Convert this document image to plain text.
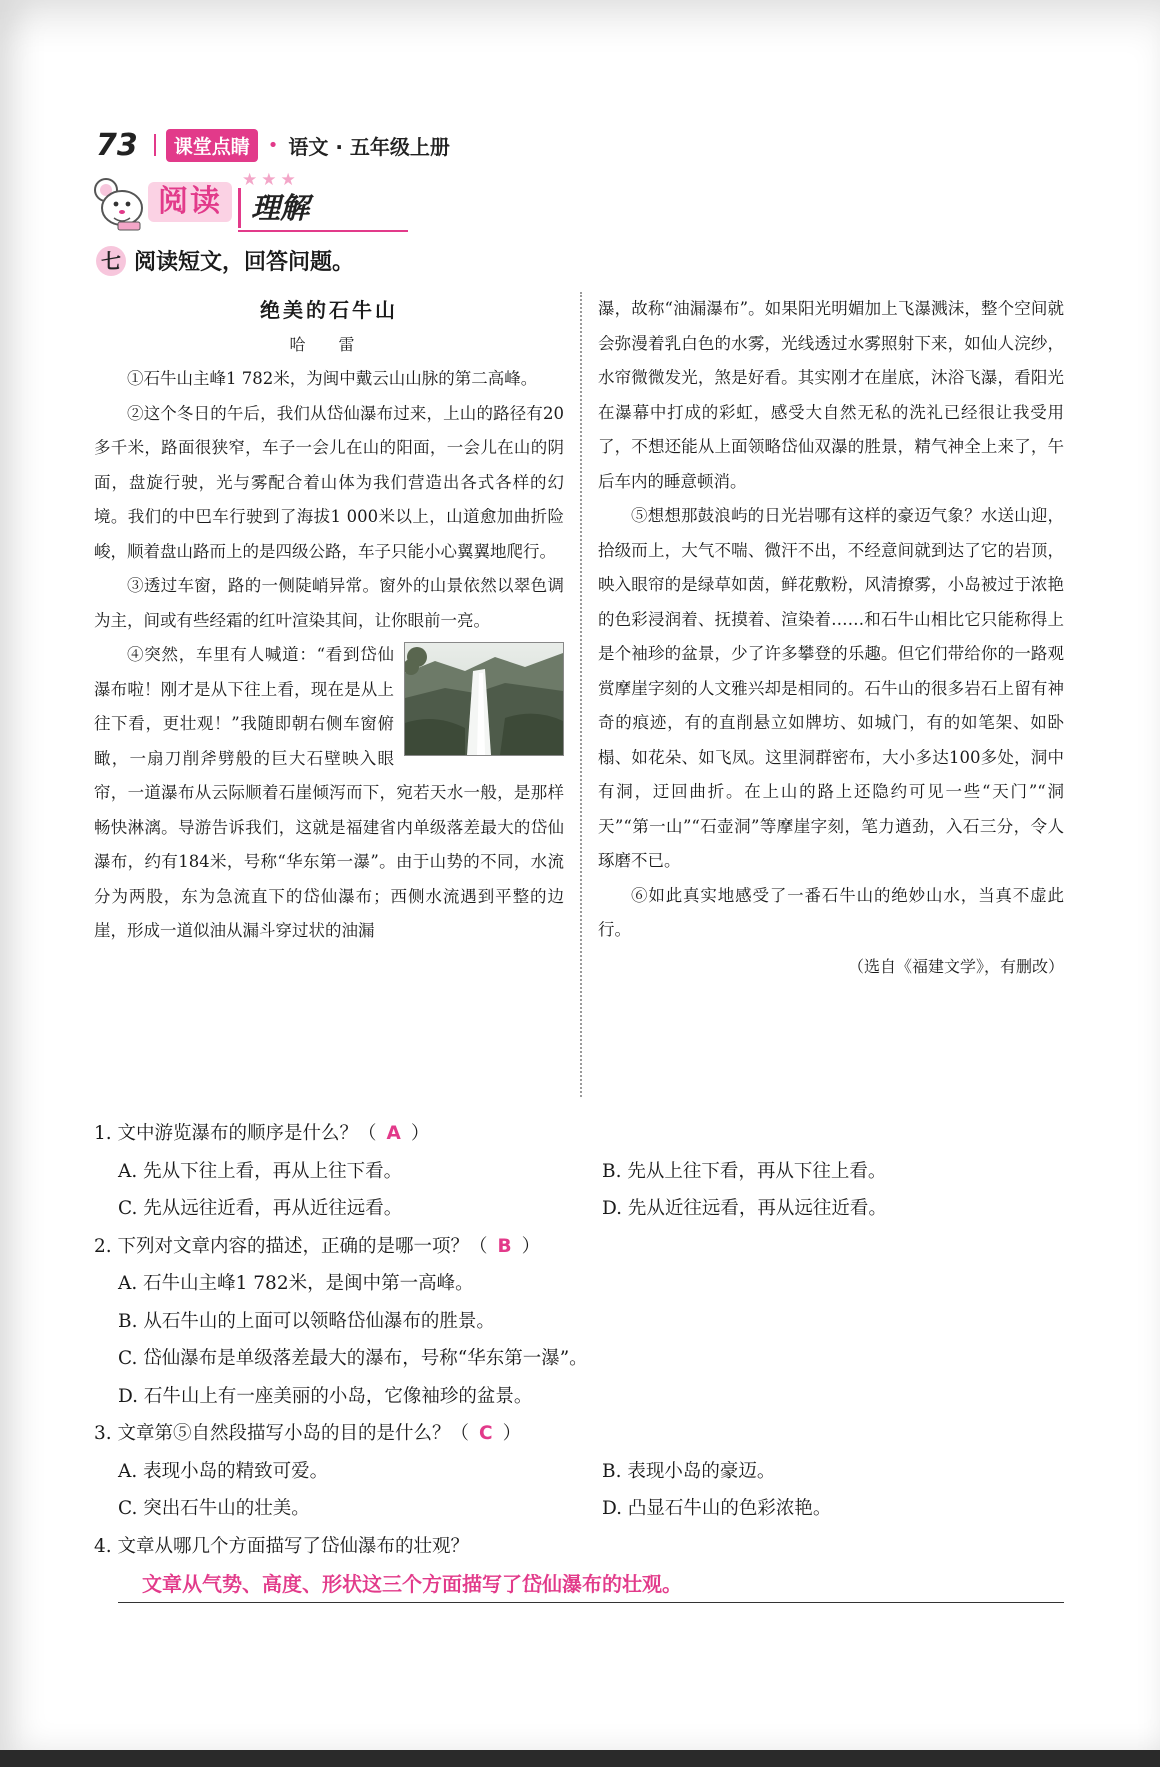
73	课堂点睛	• 语文 · 五年级上册
★★★
阅读	理解
七 阅读短文，回答问题。
绝美的石牛山
哈 雷

①石牛山主峰1 782米，为闽中戴云山山脉的第二高峰。

②这个冬日的午后，我们从岱仙瀑布过来，上山的路径有20多千米，路面很狭窄，车子一会儿在山的阳面，一会儿在山的阴面，盘旋行驶，光与雾配合着山体为我们营造出各式各样的幻境。我们的中巴车行驶到了海拔1 000米以上，山道愈加曲折险峻，顺着盘山路而上的是四级公路，车子只能小心翼翼地爬行。

③透过车窗，路的一侧陡峭异常。窗外的山景依然以翠色调为主，间或有些经霜的红叶渲染其间，让你眼前一亮。

④突然，车里有人喊道：“看到岱仙瀑布啦！刚才是从下往上看，现在是从上往下看，更壮观！”我随即朝右侧车窗俯瞰，一扇刀削斧劈般的巨大石壁映入眼帘，一道瀑布从云际顺着石崖倾泻而下，宛若天水一般，是那样畅快淋漓。导游告诉我们，这就是福建省内单级落差最大的岱仙瀑布，约有184米，号称“华东第一瀑”。由于山势的不同，水流分为两股，东为急流直下的岱仙瀑布；西侧水流遇到平整的边崖，形成一道似油从漏斗穿过状的油漏

瀑，故称“油漏瀑布”。如果阳光明媚加上飞瀑溅沫，整个空间就会弥漫着乳白色的水雾，光线透过水雾照射下来，如仙人浣纱，水帘微微发光，煞是好看。其实刚才在崖底，沐浴飞瀑，看阳光在瀑幕中打成的彩虹，感受大自然无私的洗礼已经很让我受用了，不想还能从上面领略岱仙双瀑的胜景，精气神全上来了，午后车内的睡意顿消。

⑤想想那鼓浪屿的日光岩哪有这样的豪迈气象？水送山迎，拾级而上，大气不喘、微汗不出，不经意间就到达了它的岩顶，映入眼帘的是绿草如茵，鲜花敷粉，风清撩雾，小岛被过于浓艳的色彩浸润着、抚摸着、渲染着……和石牛山相比它只能称得上是个袖珍的盆景，少了许多攀登的乐趣。但它们带给你的一路观赏摩崖字刻的人文雅兴却是相同的。石牛山的很多岩石上留有神奇的痕迹，有的直削悬立如牌坊、如城门，有的如笔架、如卧榻、如花朵、如飞凤。这里洞群密布，大小多达100多处，洞中有洞，迂回曲折。在上山的路上还隐约可见一些“天门”“洞天”“第一山”“石壶洞”等摩崖字刻，笔力遒劲，入石三分，令人琢磨不已。

⑥如此真实地感受了一番石牛山的绝妙山水，当真不虚此行。

（选自《福建文学》，有删改）
1. 文中游览瀑布的顺序是什么？（ A ）
A. 先从下往上看，再从上往下看。	B. 先从上往下看，再从下往上看。
C. 先从远往近看，再从近往远看。	D. 先从近往远看，再从远往近看。
2. 下列对文章内容的描述，正确的是哪一项？（ B ）
A. 石牛山主峰1 782米，是闽中第一高峰。
B. 从石牛山的上面可以领略岱仙瀑布的胜景。
C. 岱仙瀑布是单级落差最大的瀑布，号称“华东第一瀑”。
D. 石牛山上有一座美丽的小岛，它像袖珍的盆景。
3. 文章第⑤自然段描写小岛的目的是什么？（ C ）
A. 表现小岛的精致可爱。	B. 表现小岛的豪迈。
C. 突出石牛山的壮美。	D. 凸显石牛山的色彩浓艳。
4. 文章从哪几个方面描写了岱仙瀑布的壮观？
文章从气势、高度、形状这三个方面描写了岱仙瀑布的壮观。
